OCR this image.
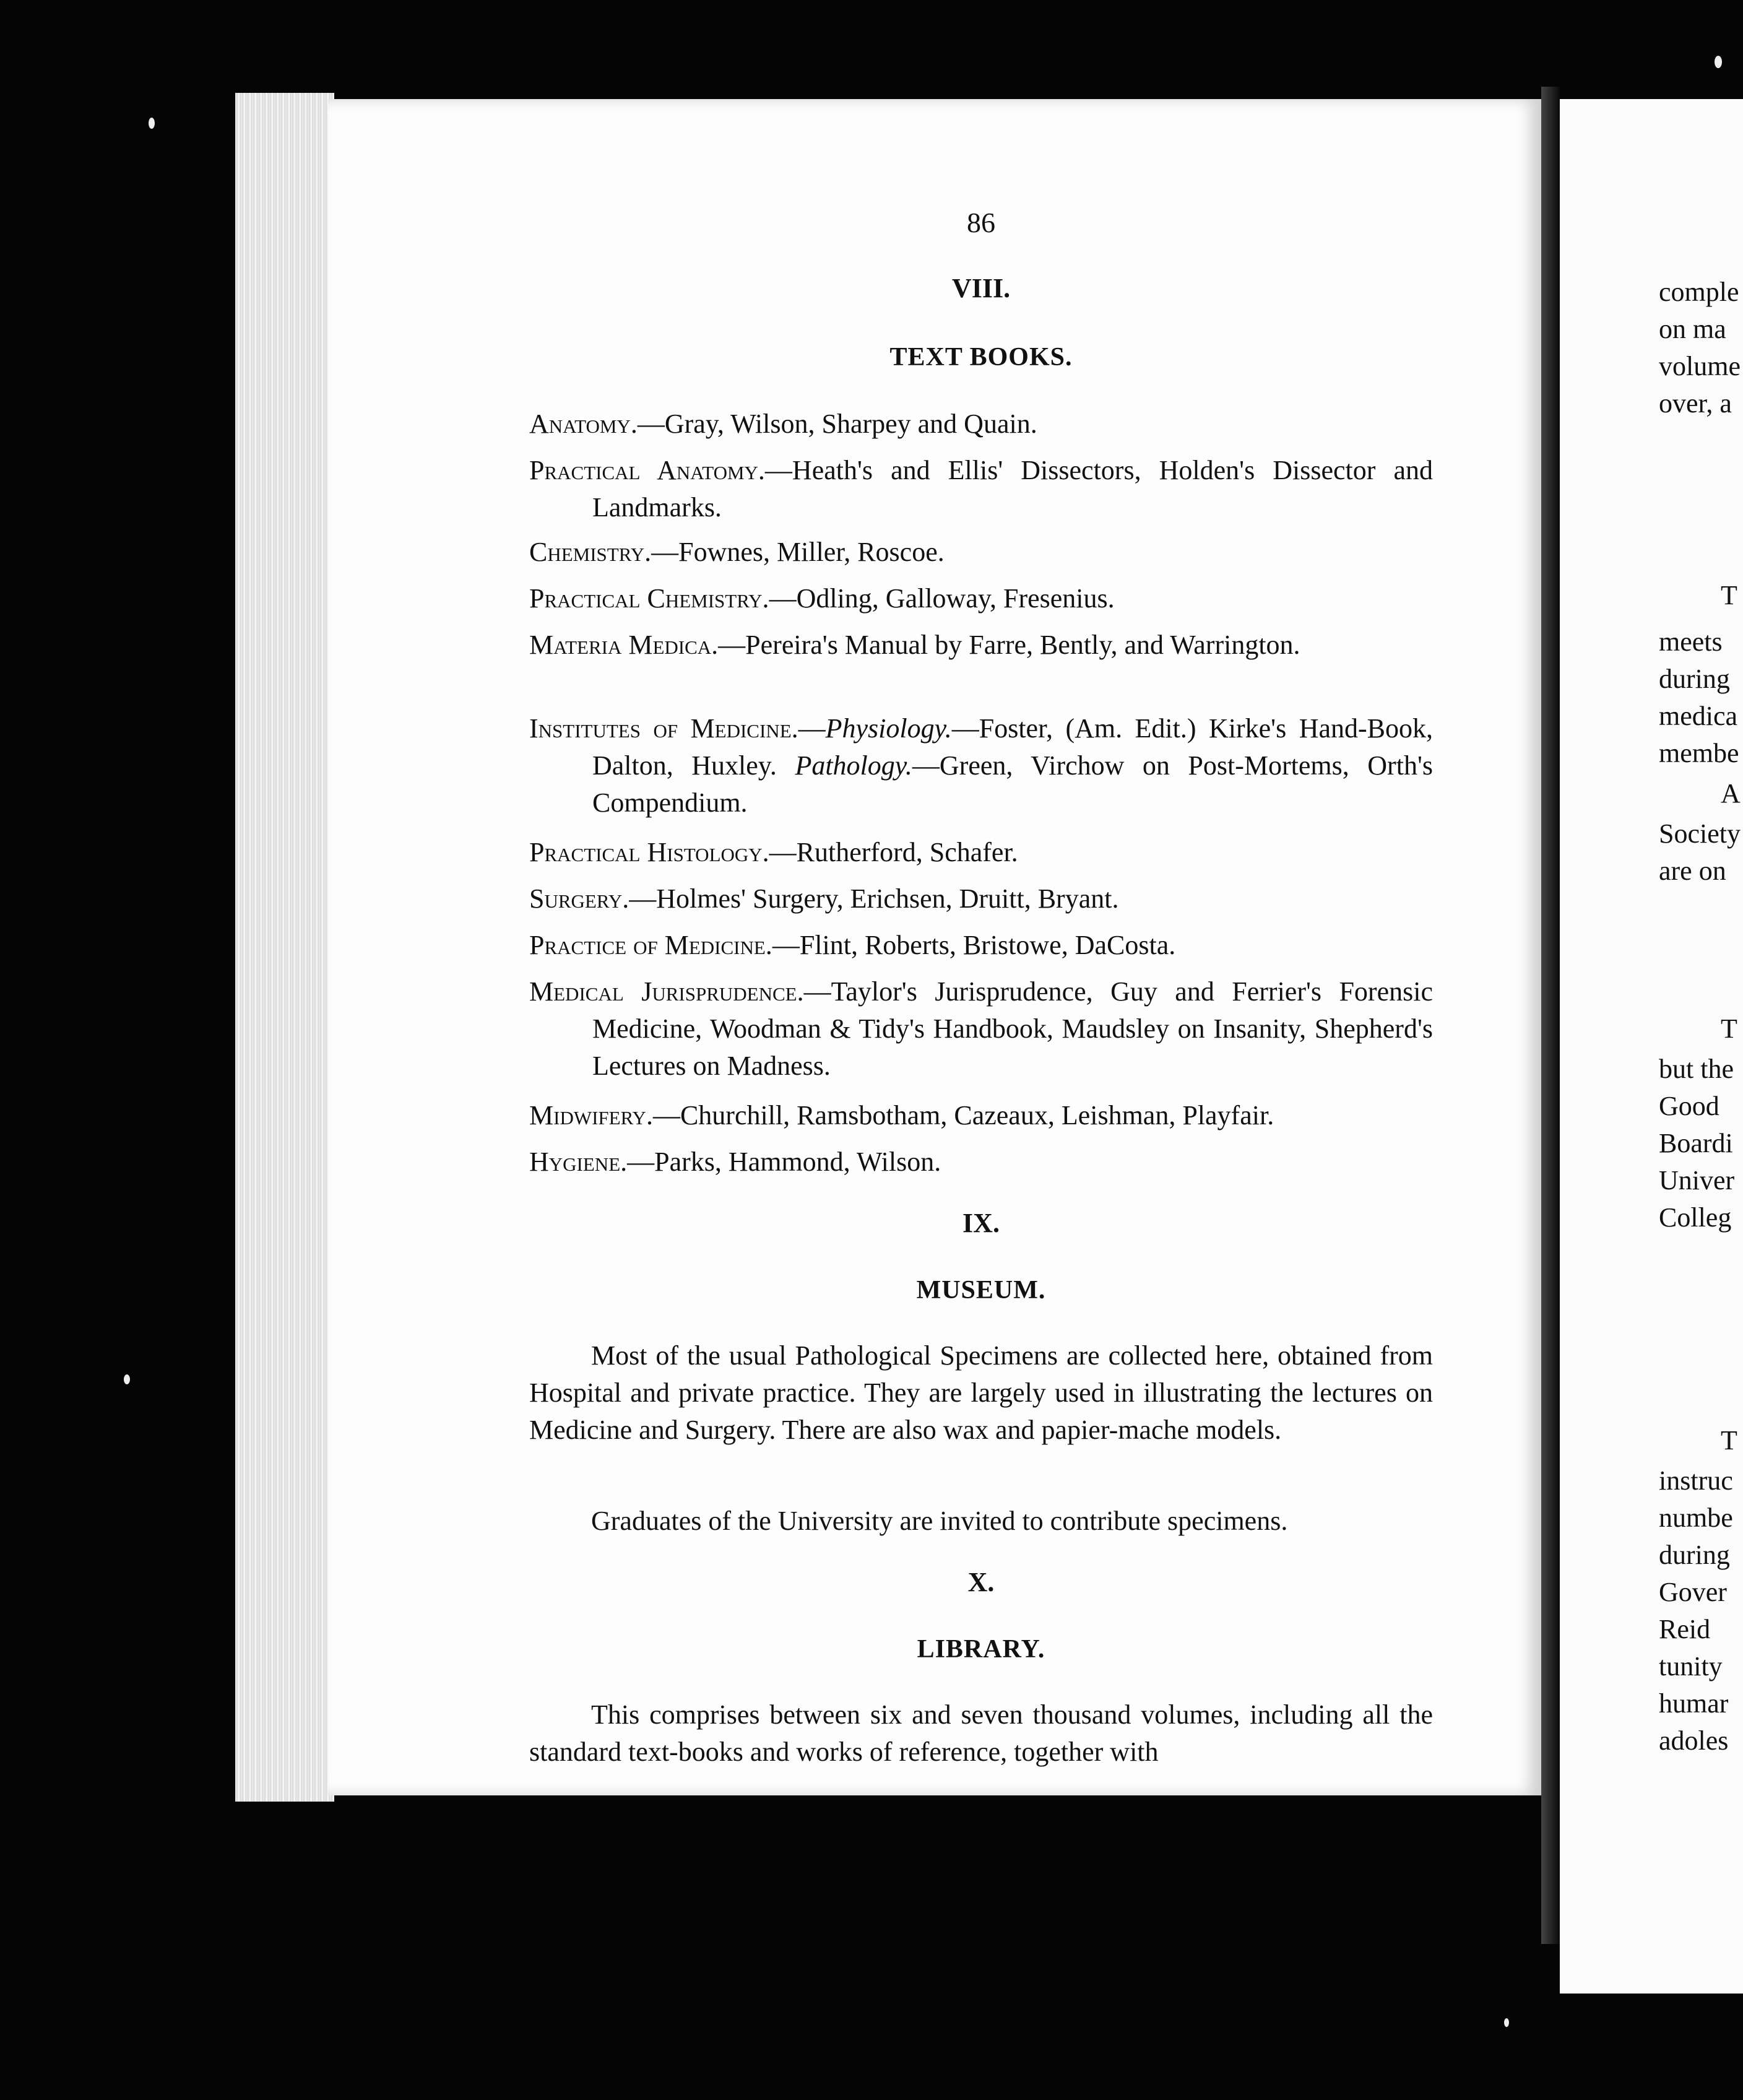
comple
on ma
volume
over, a
T
meets
during
medica
membe
A
Society
are on
T
but the
Good
Boardi
Univer
Colleg
T
instruc
numbe
during
Gover
Reid
tunity
humar
adoles
86
VIII.
TEXT BOOKS.
Anatomy.—Gray, Wilson, Sharpey and Quain.
Practical Anatomy.—Heath's and Ellis' Dissectors, Holden's Dissector and Landmarks.
Chemistry.—Fownes, Miller, Roscoe.
Practical Chemistry.—Odling, Galloway, Fresenius.
Materia Medica.—Pereira's Manual by Farre, Bently, and Warrington.
Institutes of Medicine.—Physiology.—Foster, (Am. Edit.) Kirke's Hand-Book, Dalton, Huxley. Pathology.—Green, Virchow on Post-Mortems, Orth's Compendium.
Practical Histology.—Rutherford, Schafer.
Surgery.—Holmes' Surgery, Erichsen, Druitt, Bryant.
Practice of Medicine.—Flint, Roberts, Bristowe, DaCosta.
Medical Jurisprudence.—Taylor's Jurisprudence, Guy and Ferrier's Forensic Medicine, Woodman & Tidy's Handbook, Maudsley on Insanity, Shepherd's Lectures on Madness.
Midwifery.—Churchill, Ramsbotham, Cazeaux, Leishman, Playfair.
Hygiene.—Parks, Hammond, Wilson.
IX.
MUSEUM.
Most of the usual Pathological Specimens are collected here, obtained from Hospital and private practice. They are largely used in illustrating the lectures on Medicine and Surgery. There are also wax and papier-mache models.
Graduates of the University are invited to contribute specimens.
X.
LIBRARY.
This comprises between six and seven thousand volumes, including all the standard text-books and works of reference, together with
